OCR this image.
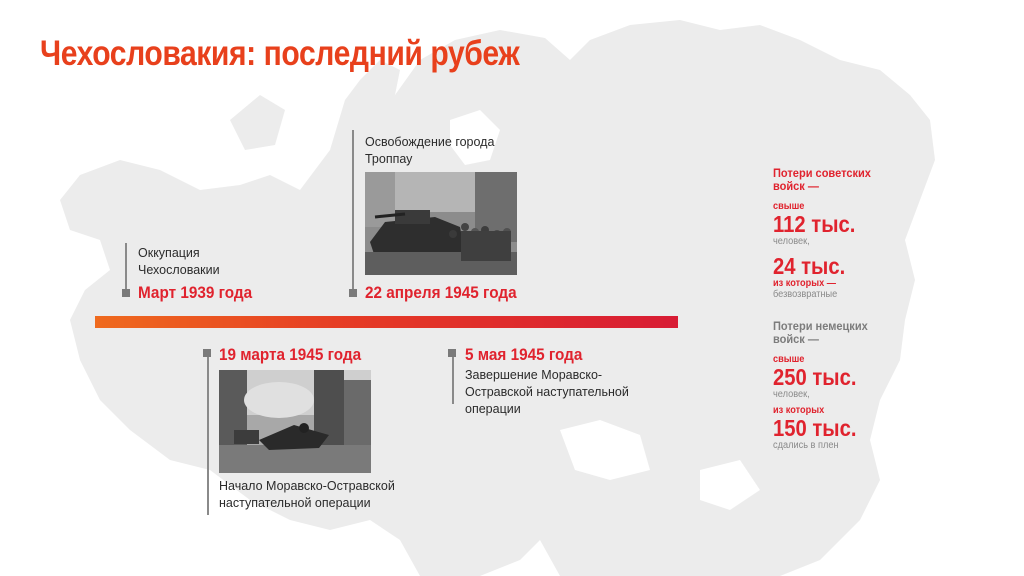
Чехословакия: последний рубеж
Оккупация Чехословакии
Март 1939 года
Освобождение города Троппау
22 апреля 1945 года
19 марта 1945 года
Начало Моравско-Остравской наступательной операции
5 мая 1945 года
Завершение Моравско-Остравской наступательной операции
Потери советских войск —
свыше
112 тыс.
человек,
24 тыс.
из которых —
безвозвратные
Потери немецких войск —
свыше
250 тыс.
человек,
из которых
150 тыс.
сдались в плен
